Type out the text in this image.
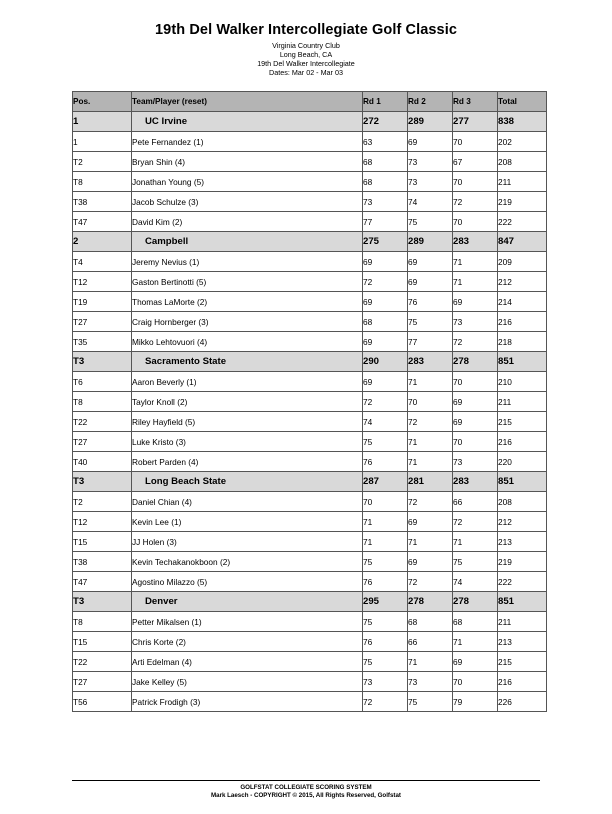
19th Del Walker Intercollegiate Golf Classic
Virginia Country Club
Long Beach, CA
19th Del Walker Intercollegiate
Dates: Mar 02 - Mar 03
Pos.	Team/Player (reset)	Rd 1	Rd 2	Rd 3	Total
1	UC Irvine	272	289	277	838
1	Pete Fernandez (1)	63	69	70	202
T2	Bryan Shin (4)	68	73	67	208
T8	Jonathan Young (5)	68	73	70	211
T38	Jacob Schulze (3)	73	74	72	219
T47	David Kim (2)	77	75	70	222
2	Campbell	275	289	283	847
T4	Jeremy Nevius (1)	69	69	71	209
T12	Gaston Bertinotti (5)	72	69	71	212
T19	Thomas LaMorte (2)	69	76	69	214
T27	Craig Hornberger (3)	68	75	73	216
T35	Mikko Lehtovuori (4)	69	77	72	218
T3	Sacramento State	290	283	278	851
T6	Aaron Beverly (1)	69	71	70	210
T8	Taylor Knoll (2)	72	70	69	211
T22	Riley Hayfield (5)	74	72	69	215
T27	Luke Kristo (3)	75	71	70	216
T40	Robert Parden (4)	76	71	73	220
T3	Long Beach State	287	281	283	851
T2	Daniel Chian (4)	70	72	66	208
T12	Kevin Lee (1)	71	69	72	212
T15	JJ Holen (3)	71	71	71	213
T38	Kevin Techakanokboon (2)	75	69	75	219
T47	Agostino Milazzo (5)	76	72	74	222
T3	Denver	295	278	278	851
T8	Petter Mikalsen (1)	75	68	68	211
T15	Chris Korte (2)	76	66	71	213
T22	Arti Edelman (4)	75	71	69	215
T27	Jake Kelley (5)	73	73	70	216
T56	Patrick Frodigh (3)	72	75	79	226
GOLFSTAT COLLEGIATE SCORING SYSTEM
Mark Laesch - COPYRIGHT © 2015, All Rights Reserved, Golfstat
